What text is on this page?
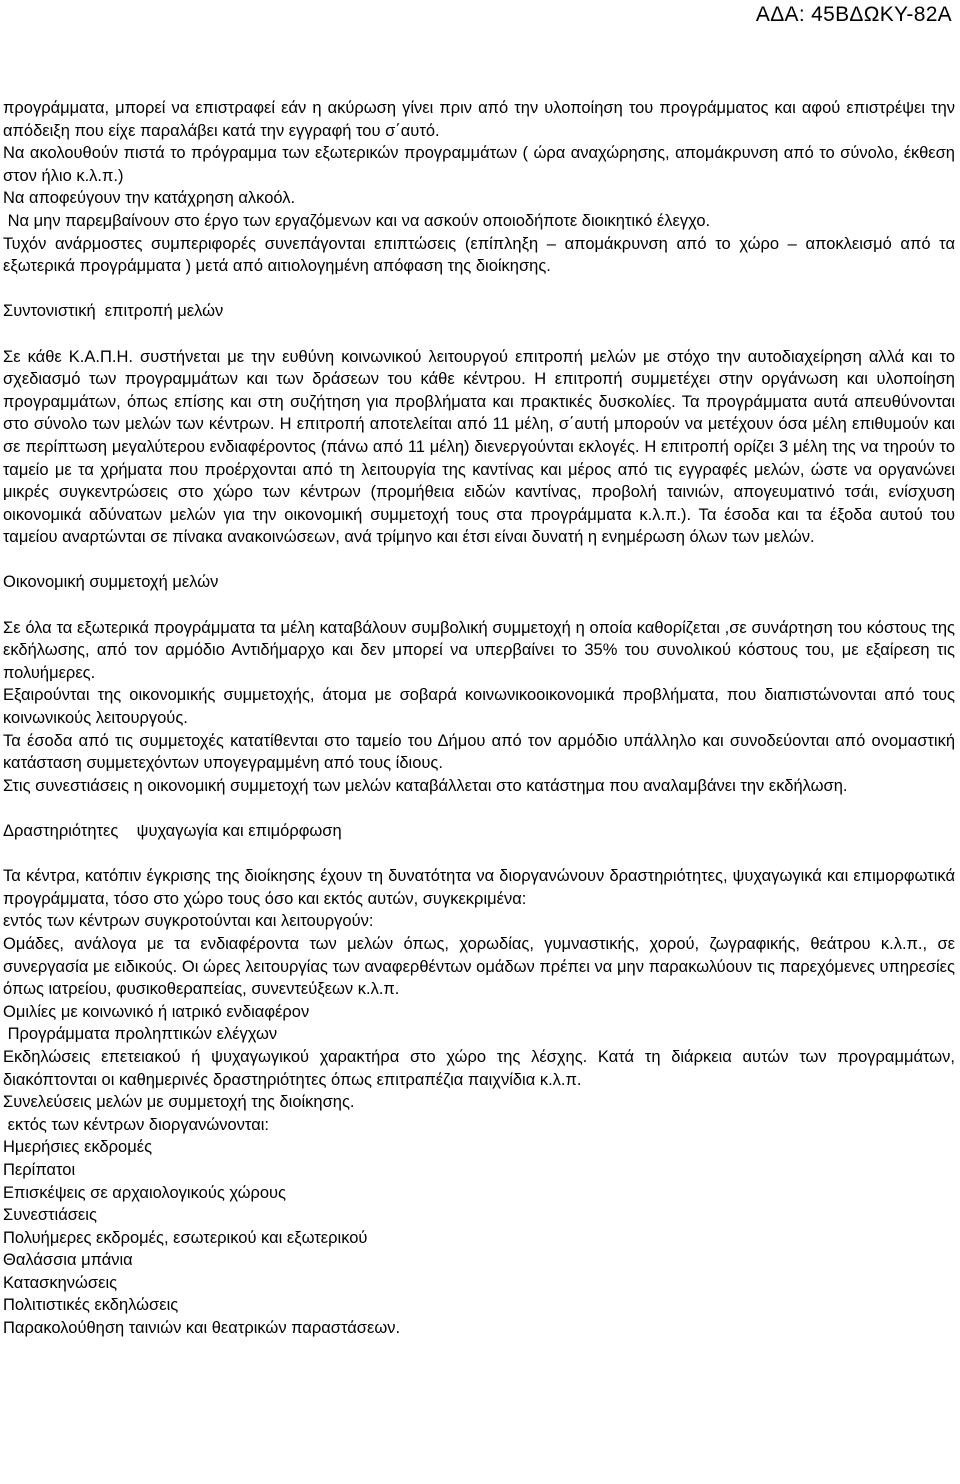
ΑΔΑ: 45ΒΔΩΚΥ-82Α

προγράμματα, μπορεί να επιστραφεί εάν η ακύρωση γίνει πριν από την υλοποίηση του προγράμματος και αφού επιστρέψει την απόδειξη που είχε παραλάβει κατά την εγγραφή του σ΄αυτό.

Να ακολουθούν πιστά το πρόγραμμα των εξωτερικών προγραμμάτων ( ώρα αναχώρησης, απομάκρυνση από το σύνολο, έκθεση στον ήλιο κ.λ.π.)

Να αποφεύγουν την κατάχρηση αλκοόλ.

Να μην παρεμβαίνουν στο έργο των εργαζόμενων και να ασκούν οποιοδήποτε διοικητικό έλεγχο.

Τυχόν ανάρμοστες συμπεριφορές συνεπάγονται επιπτώσεις (επίπληξη – απομάκρυνση από το χώρο – αποκλεισμό από τα εξωτερικά προγράμματα ) μετά από αιτιολογημένη απόφαση της διοίκησης.

Συντονιστική  επιτροπή μελών

Σε κάθε Κ.Α.Π.Η. συστήνεται με την ευθύνη κοινωνικού λειτουργού επιτροπή μελών με στόχο την αυτοδιαχείρηση αλλά και το σχεδιασμό των προγραμμάτων και των δράσεων του κάθε κέντρου. Η επιτροπή συμμετέχει στην οργάνωση και υλοποίηση προγραμμάτων, όπως επίσης και στη συζήτηση για προβλήματα και πρακτικές δυσκολίες. Τα προγράμματα αυτά απευθύνονται στο σύνολο των μελών των κέντρων. Η επιτροπή αποτελείται από 11 μέλη, σ΄αυτή μπορούν να μετέχουν όσα μέλη επιθυμούν και σε περίπτωση μεγαλύτερου ενδιαφέροντος (πάνω από 11 μέλη) διενεργούνται εκλογές. Η επιτροπή ορίζει 3 μέλη της να τηρούν το ταμείο με τα χρήματα που προέρχονται από τη λειτουργία της καντίνας και μέρος από τις εγγραφές μελών, ώστε να οργανώνει μικρές συγκεντρώσεις στο χώρο των κέντρων (προμήθεια ειδών καντίνας, προβολή ταινιών, απογευματινό τσάι, ενίσχυση οικονομικά αδύνατων μελών για την οικονομική συμμετοχή τους στα προγράμματα κ.λ.π.). Τα έσοδα και τα έξοδα αυτού του ταμείου αναρτώνται σε πίνακα ανακοινώσεων, ανά τρίμηνο και έτσι είναι δυνατή η ενημέρωση όλων των μελών.

Οικονομική συμμετοχή μελών

Σε όλα τα εξωτερικά προγράμματα τα μέλη καταβάλουν συμβολική συμμετοχή η οποία καθορίζεται ,σε συνάρτηση του κόστους της εκδήλωσης, από τον αρμόδιο Αντιδήμαρχο και δεν μπορεί να υπερβαίνει το 35% του συνολικού κόστους του, με εξαίρεση τις πολυήμερες.

Εξαιρούνται της οικονομικής συμμετοχής, άτομα με σοβαρά κοινωνικοοικονομικά προβλήματα, που διαπιστώνονται από τους κοινωνικούς λειτουργούς.

Τα έσοδα από τις συμμετοχές κατατίθενται στο ταμείο του Δήμου από τον αρμόδιο υπάλληλο και συνοδεύονται από ονομαστική κατάσταση συμμετεχόντων υπογεγραμμένη από τους ίδιους.

Στις συνεστιάσεις η οικονομική συμμετοχή των μελών καταβάλλεται στο κατάστημα που αναλαμβάνει την εκδήλωση.

Δραστηριότητες    ψυχαγωγία και επιμόρφωση

Τα κέντρα, κατόπιν έγκρισης της διοίκησης έχουν τη δυνατότητα να διοργανώνουν δραστηριότητες, ψυχαγωγικά και επιμορφωτικά προγράμματα, τόσο στο χώρο τους όσο και εκτός αυτών, συγκεκριμένα:

εντός των κέντρων συγκροτούνται και λειτουργούν:

Ομάδες, ανάλογα με τα ενδιαφέροντα των μελών όπως, χορωδίας, γυμναστικής, χορού, ζωγραφικής, θεάτρου κ.λ.π., σε συνεργασία με ειδικούς. Οι ώρες λειτουργίας των αναφερθέντων ομάδων πρέπει να μην παρακωλύουν τις παρεχόμενες υπηρεσίες όπως ιατρείου, φυσικοθεραπείας, συνεντεύξεων κ.λ.π.

Ομιλίες με κοινωνικό ή ιατρικό ενδιαφέρον

Προγράμματα προληπτικών ελέγχων

Εκδηλώσεις επετειακού ή ψυχαγωγικού χαρακτήρα στο χώρο της λέσχης. Κατά τη διάρκεια αυτών των προγραμμάτων, διακόπτονται οι καθημερινές δραστηριότητες όπως επιτραπέζια παιχνίδια κ.λ.π.

Συνελεύσεις μελών με συμμετοχή της διοίκησης.

εκτός των κέντρων διοργανώνονται:

Ημερήσιες εκδρομές

Περίπατοι

Επισκέψεις σε αρχαιολογικούς χώρους

Συνεστιάσεις

Πολυήμερες εκδρομές, εσωτερικού και εξωτερικού

Θαλάσσια μπάνια

Κατασκηνώσεις

Πολιτιστικές εκδηλώσεις

Παρακολούθηση ταινιών και θεατρικών παραστάσεων.
